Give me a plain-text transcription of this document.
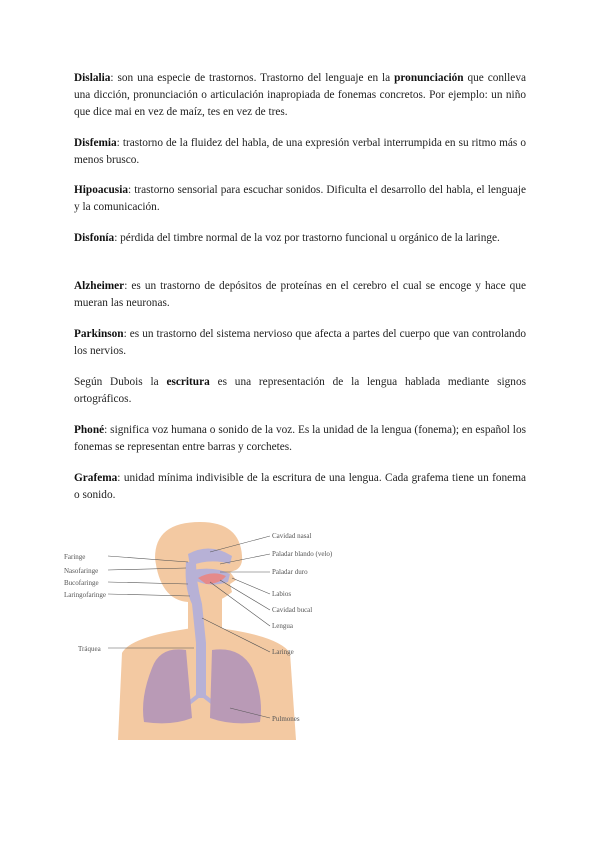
Dislalia: son una especie de trastornos. Trastorno del lenguaje en la pronunciación que conlleva una dicción, pronunciación o articulación inapropiada de fonemas concretos. Por ejemplo: un niño que dice mai en vez de maíz, tes en vez de tres.

Disfemia: trastorno de la fluidez del habla, de una expresión verbal interrumpida en su ritmo más o menos brusco.

Hipoacusia: trastorno sensorial para escuchar sonidos. Dificulta el desarrollo del habla, el lenguaje y la comunicación.

Disfonía: pérdida del timbre normal de la voz por trastorno funcional u orgánico de la laringe.

Alzheimer: es un trastorno de depósitos de proteínas en el cerebro el cual se encoge y hace que mueran las neuronas.

Parkinson: es un trastorno del sistema nervioso que afecta a partes del cuerpo que van controlando los nervios.

Según Dubois la escritura es una representación de la lengua hablada mediante signos ortográficos.

Phoné: significa voz humana o sonido de la voz. Es la unidad de la lengua (fonema); en español los fonemas se representan entre barras y corchetes.

Grafema: unidad mínima indivisible de la escritura de una lengua. Cada grafema tiene un fonema o sonido.

Faringe
Nasofaringe
Bucofaringe
Laringofaringe
Tráquea
Cavidad nasal
Paladar blando (velo)
Paladar duro
Labios
Cavidad bucal
Lengua
Laringe
Pulmones
